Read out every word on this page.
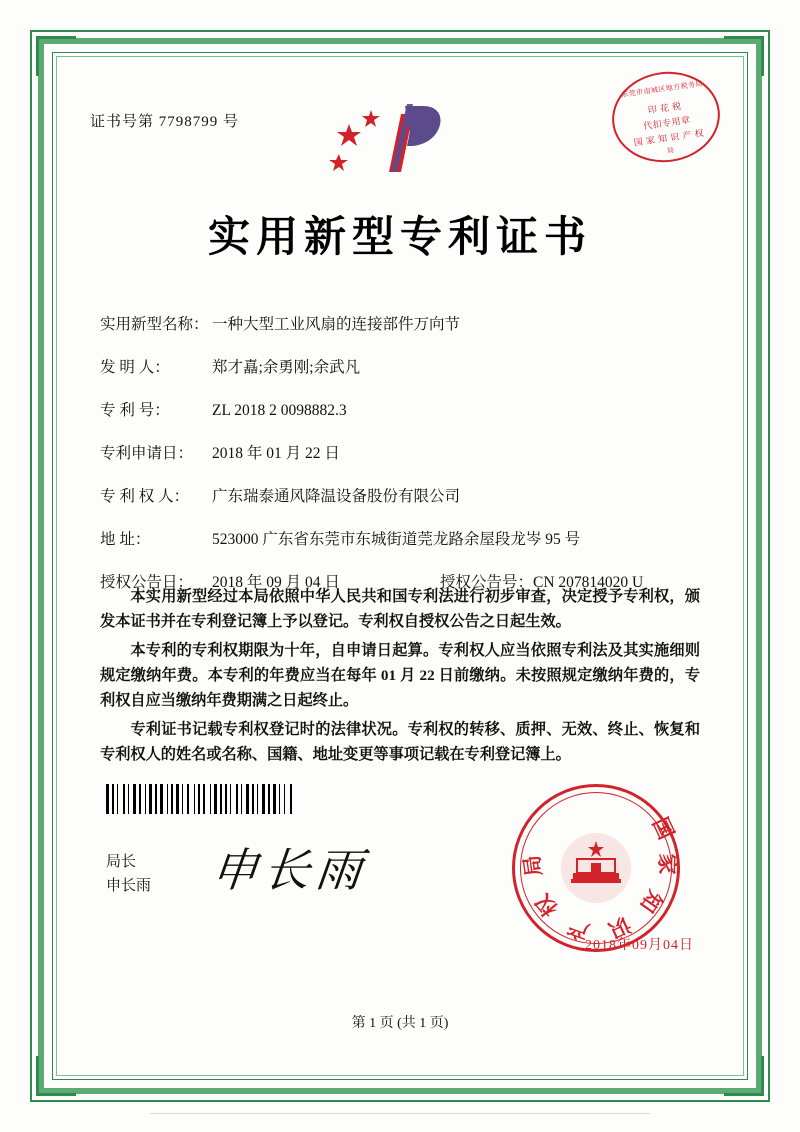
证书号第 7798799 号
东莞市南城区地方税务局
印 花 税
代扣专用章
国 家 知 识 产 权
局
实用新型专利证书
实用新型名称： 一种大型工业风扇的连接部件万向节
发 明 人：	郑才嚞;余勇刚;余武凡
专 利 号：	ZL 2018 2 0098882.3
专利申请日： 2018 年 01 月 22 日
专 利 权 人： 广东瑞泰通风降温设备股份有限公司
地 址：	523000 广东省东莞市东城街道莞龙路余屋段龙岑 95 号
授权公告日： 2018 年 09 月 04 日	授权公告号：CN 207814020 U

本实用新型经过本局依照中华人民共和国专利法进行初步审查，决定授予专利权，颁发本证书并在专利登记簿上予以登记。专利权自授权公告之日起生效。

本专利的专利权期限为十年，自申请日起算。专利权人应当依照专利法及其实施细则规定缴纳年费。本专利的年费应当在每年 01 月 22 日前缴纳。未按照规定缴纳年费的，专利权自应当缴纳年费期满之日起终止。

专利证书记载专利权登记时的法律状况。专利权的转移、质押、无效、终止、恢复和专利权人的姓名或名称、国籍、地址变更等事项记载在专利登记簿上。

局长
申长雨 申长雨
国
家
知
识
产
权
局
2018年09月04日
第 1 页 (共 1 页)
